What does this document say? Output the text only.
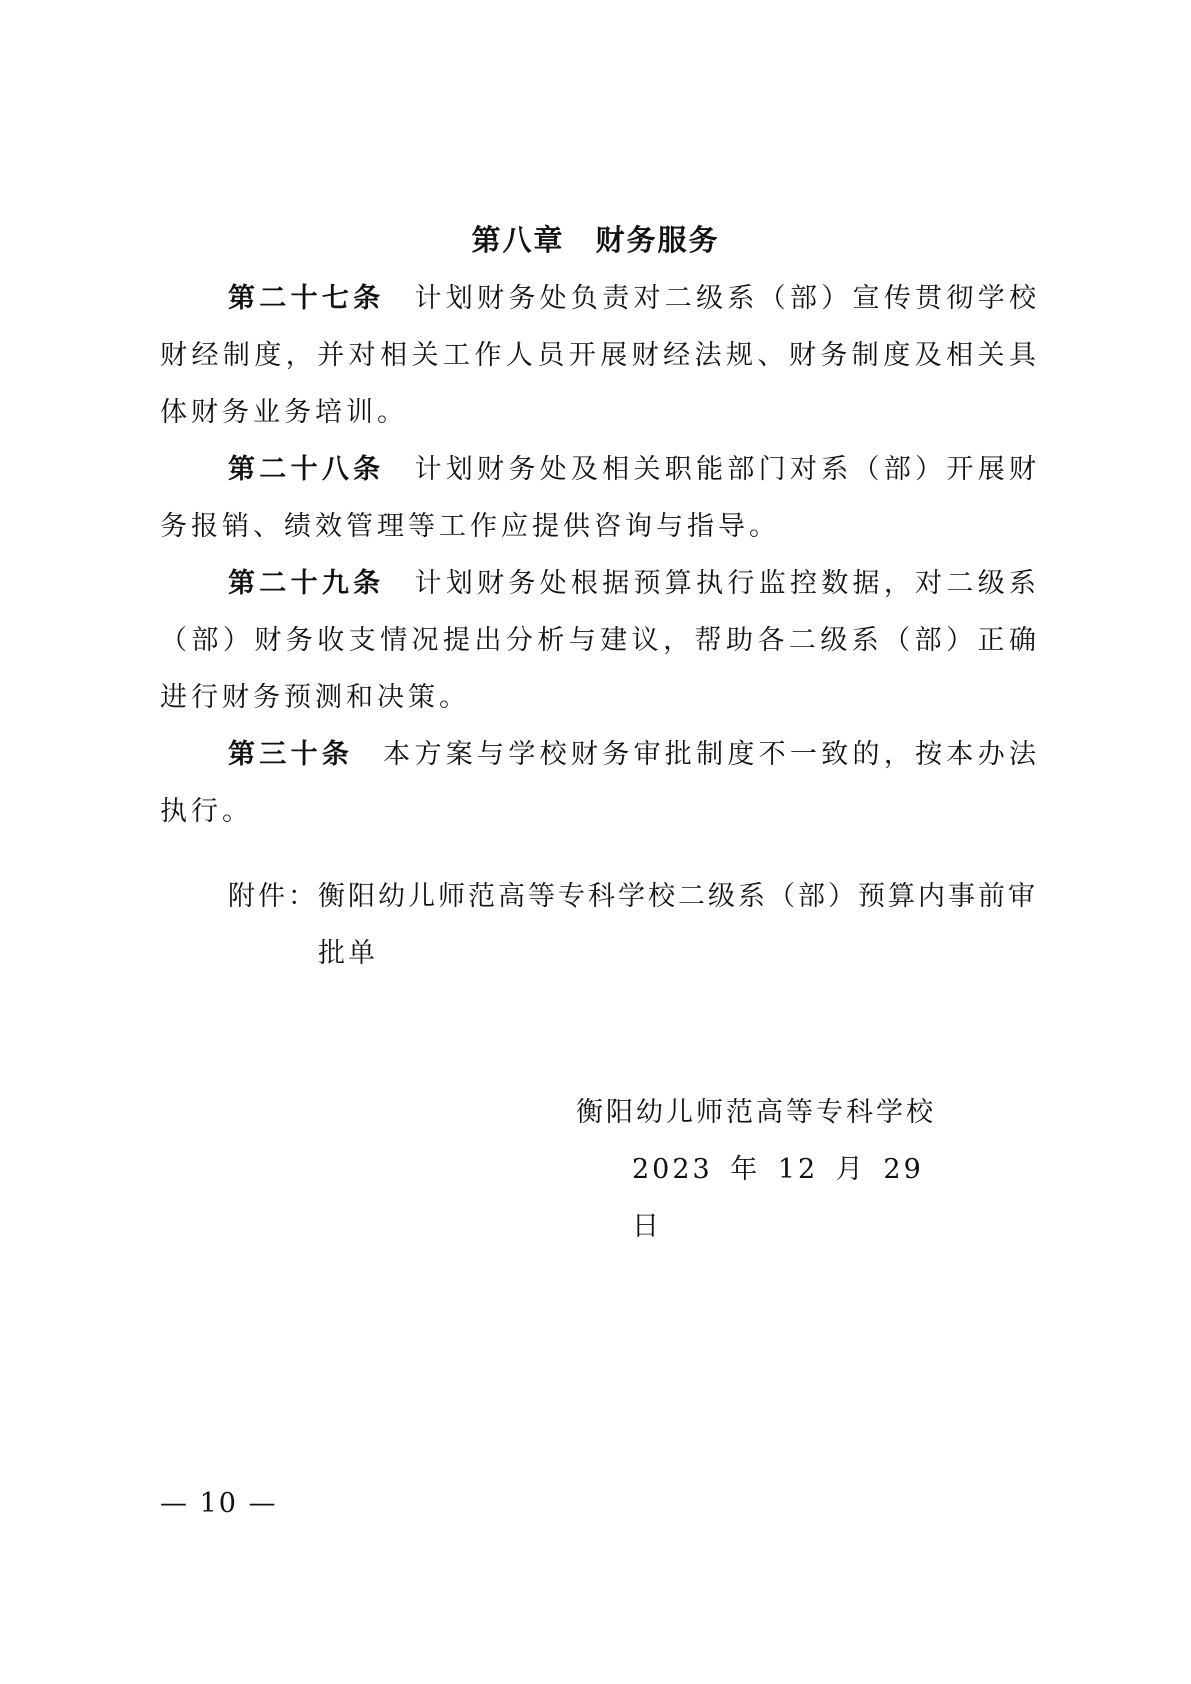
第八章　财务服务

第二十七条 计划财务处负责对二级系（部）宣传贯彻学校财经制度，并对相关工作人员开展财经法规、财务制度及相关具体财务业务培训。

第二十八条 计划财务处及相关职能部门对系（部）开展财务报销、绩效管理等工作应提供咨询与指导。

第二十九条 计划财务处根据预算执行监控数据，对二级系（部）财务收支情况提出分析与建议，帮助各二级系（部）正确进行财务预测和决策。

第三十条 本方案与学校财务审批制度不一致的，按本办法执行。

附件： 衡阳幼儿师范高等专科学校二级系（部）预算内事前审批单
衡阳幼儿师范高等专科学校
2023 年 12 月 29 日
— 10 —
